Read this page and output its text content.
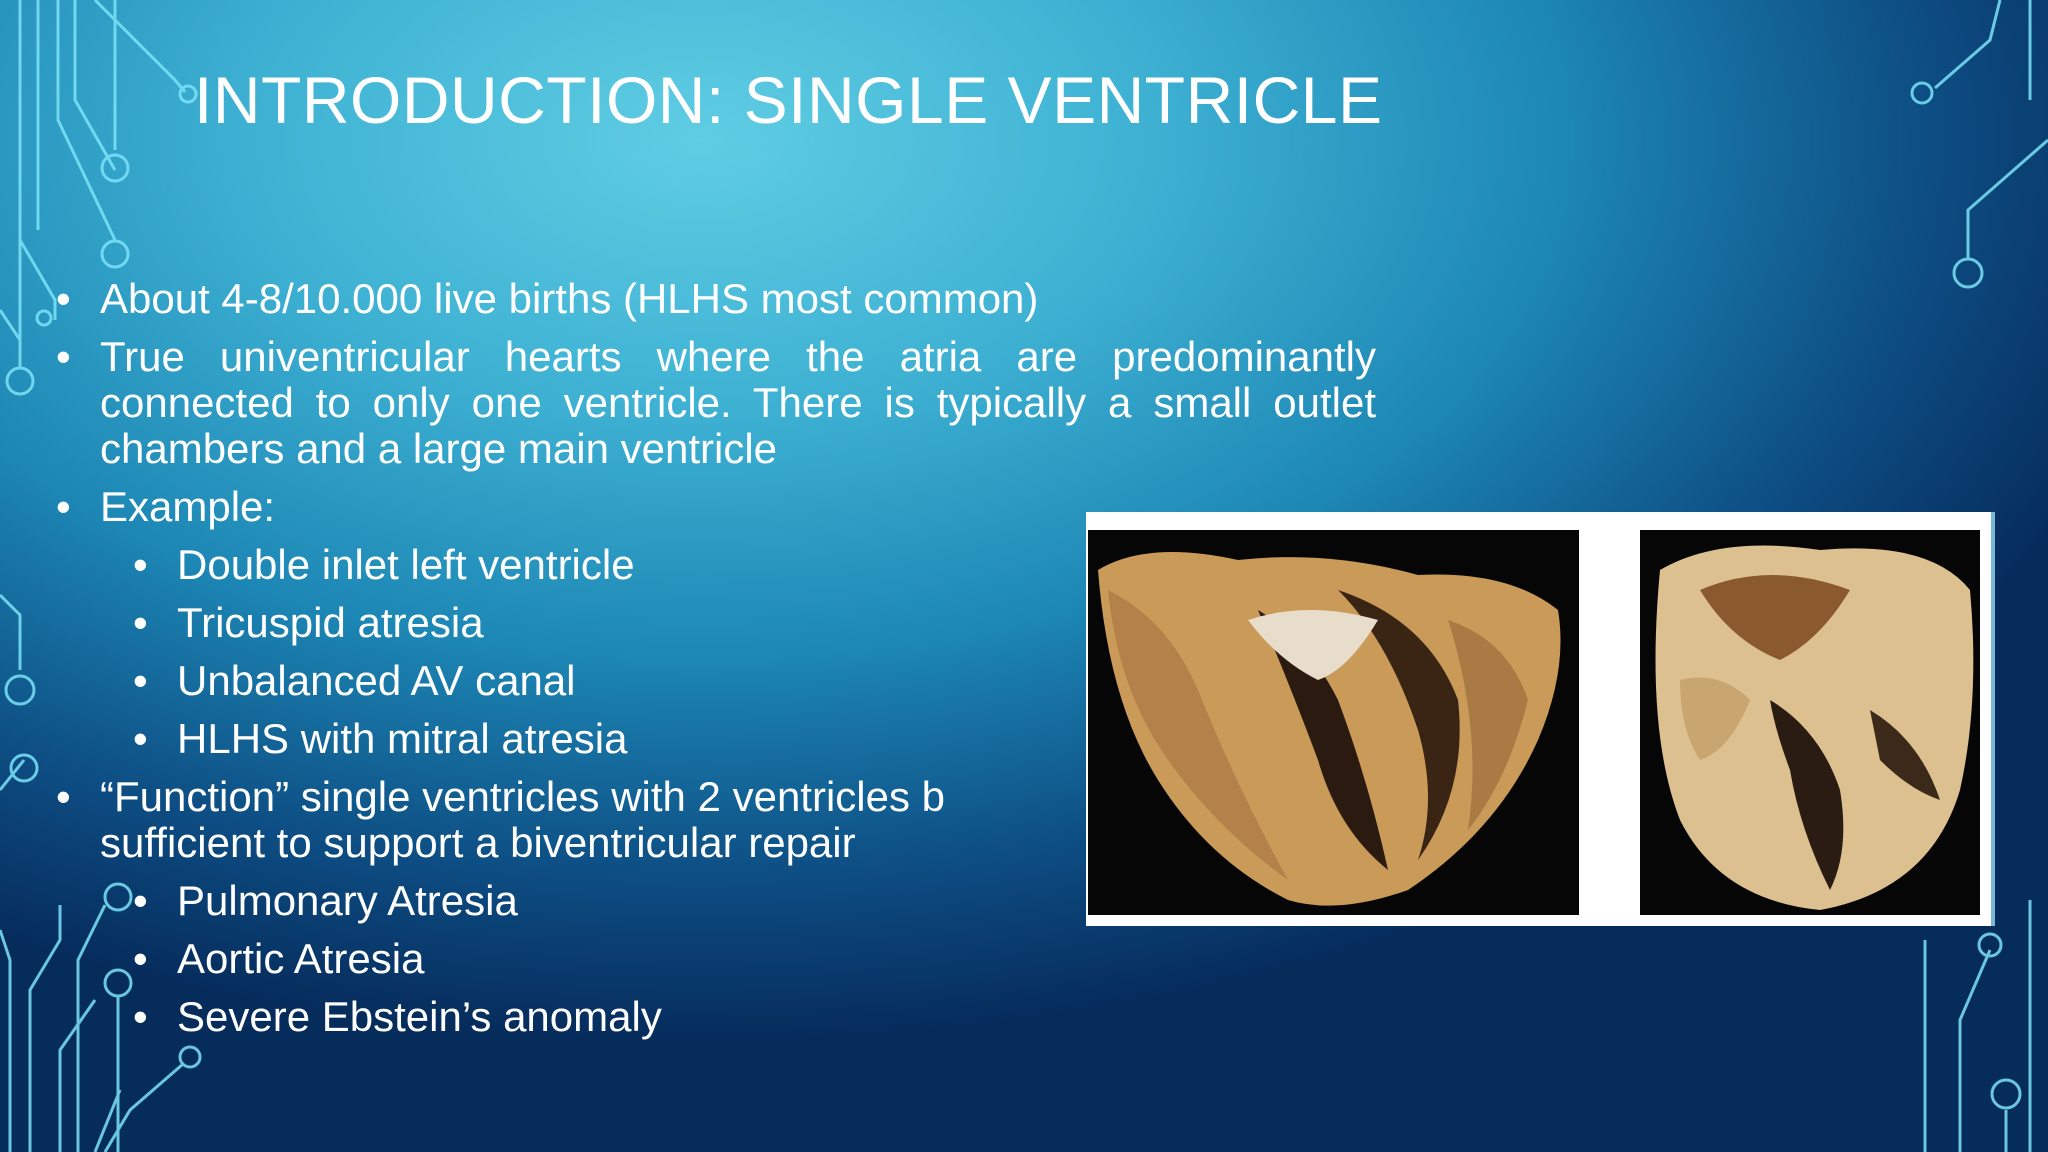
INTRODUCTION: SINGLE VENTRICLE
• About 4-8/10.000 live births (HLHS most common)
• True univentricular hearts where the atria are predominantly connected to only one ventricle. There is typically a small outlet chambers and a large main ventricle
• Example:
• Double inlet left ventricle
• Tricuspid atresia
• Unbalanced AV canal
• HLHS with mitral atresia
• “Function” single ventricles with 2 ventricles b
sufficient to support a biventricular repair
• Pulmonary Atresia
• Aortic Atresia
• Severe Ebstein’s anomaly
